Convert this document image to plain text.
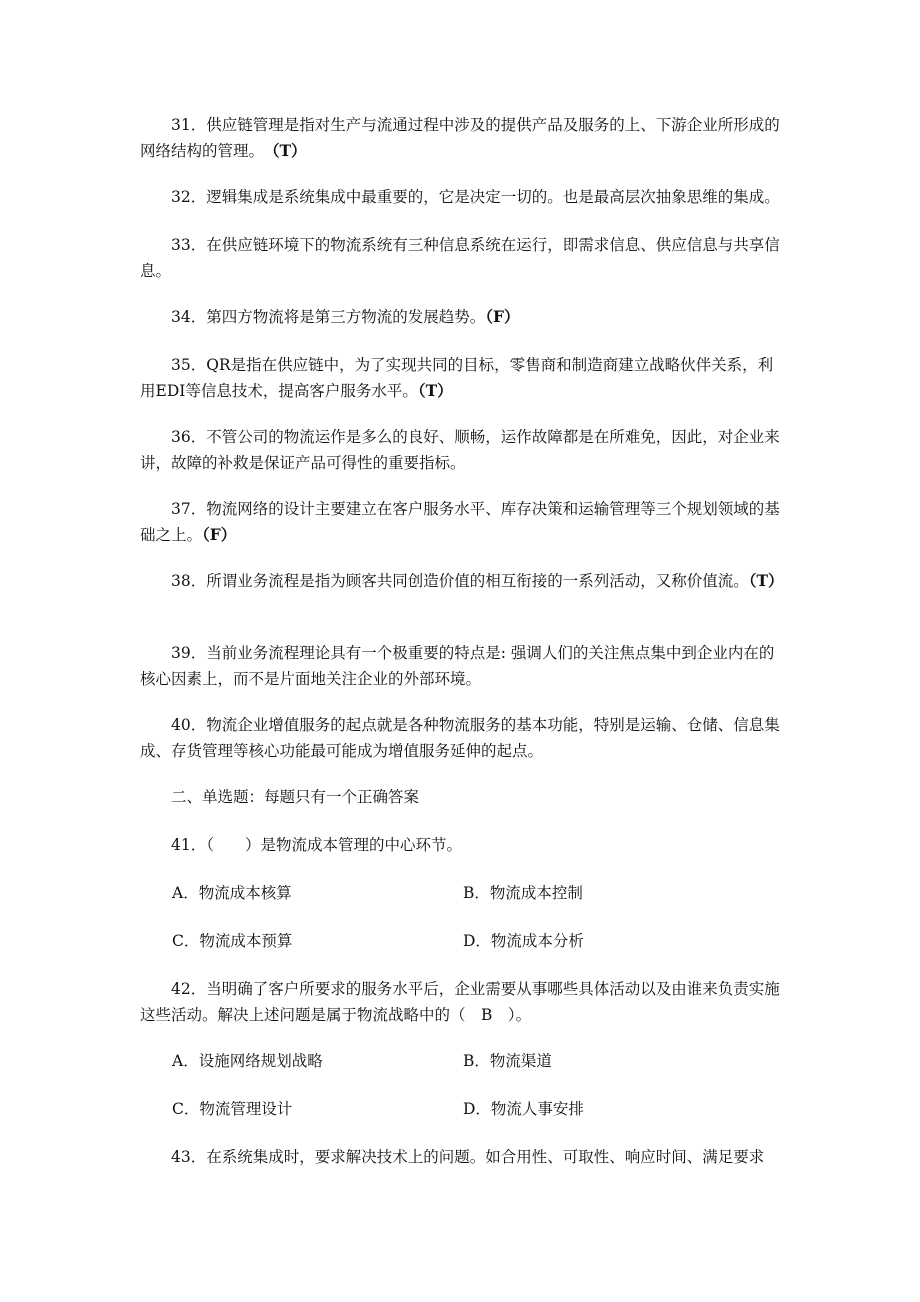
31．供应链管理是指对生产与流通过程中涉及的提供产品及服务的上、下游企业所形成的网络结构的管理。　（T）

32．逻辑集成是系统集成中最重要的，它是决定一切的。也是最高层次抽象思维的集成。

33．在供应链环境下的物流系统有三种信息系统在运行，即需求信息、供应信息与共享信息。

34．第四方物流将是第三方物流的发展趋势。（F）

35．QR是指在供应链中，为了实现共同的目标，零售商和制造商建立战略伙伴关系，利用EDI等信息技术，提高客户服务水平。（T）

36．不管公司的物流运作是多么的良好、顺畅，运作故障都是在所难免，因此，对企业来讲，故障的补救是保证产品可得性的重要指标。

37．物流网络的设计主要建立在客户服务水平、库存决策和运输管理等三个规划领域的基础之上。（F）

38．所谓业务流程是指为顾客共同创造价值的相互衔接的一系列活动，又称价值流。（T）

39．当前业务流程理论具有一个极重要的特点是: 强调人们的关注焦点集中到企业内在的核心因素上，而不是片面地关注企业的外部环境。

40．物流企业增值服务的起点就是各种物流服务的基本功能，特别是运输、仓储、信息集成、存货管理等核心功能最可能成为增值服务延伸的起点。

二、单选题：每题只有一个正确答案

41．（　　）是物流成本管理的中心环节。

A．物流成本核算	B．物流成本控制

C．物流成本预算	D．物流成本分析

42．当明确了客户所要求的服务水平后，企业需要从事哪些具体活动以及由谁来负责实施这些活动。解决上述问题是属于物流战略中的（　B　）。

A．设施网络规划战略	B．物流渠道

C．物流管理设计	D．物流人事安排

43．在系统集成时，要求解决技术上的问题。如合用性、可取性、响应时间、满足要求
